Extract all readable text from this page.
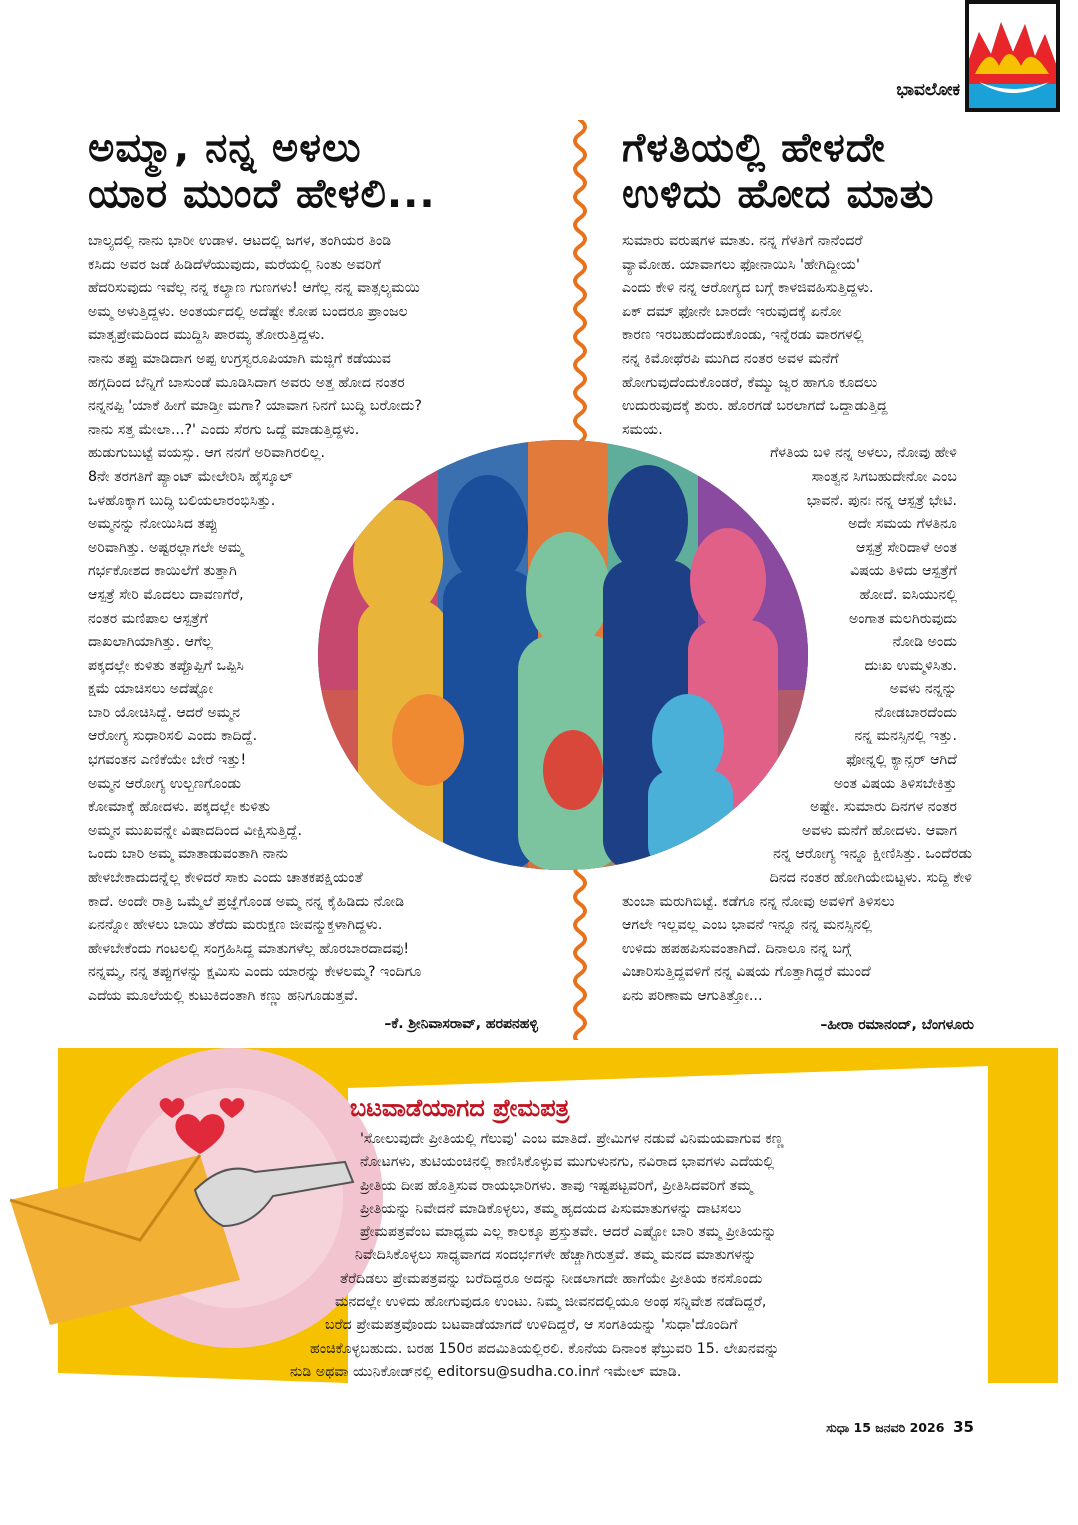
ಭಾವಲೋಕ
ಅಮ್ಮಾ, ನನ್ನ ಅಳಲು
ಯಾರ ಮುಂದೆ ಹೇಳಲಿ...

ಬಾಲ್ಯದಲ್ಲಿ ನಾನು ಭಾರೀ ಉಡಾಳ. ಆಟದಲ್ಲಿ ಜಗಳ, ತಂಗಿಯರ ತಿಂಡಿ

ಕಸಿದು ಅವರ ಜಡೆ ಹಿಡಿದೆಳೆಯುವುದು, ಮರೆಯಲ್ಲಿ ನಿಂತು ಅವರಿಗೆ

ಹೆದರಿಸುವುದು ಇವೆಲ್ಲ ನನ್ನ ಕಲ್ಯಾಣ ಗುಣಗಳು! ಆಗೆಲ್ಲ ನನ್ನ ವಾತ್ಸಲ್ಯಮಯಿ

ಅಮ್ಮ ಅಳುತ್ತಿದ್ದಳು. ಅಂತರ್ಯದಲ್ಲಿ ಅದೆಷ್ಟೇ ಕೋಪ ಬಂದರೂ ಪ್ರಾಂಜಲ

ಮಾತೃಪ್ರೇಮದಿಂದ ಮುದ್ದಿಸಿ ಪಾರಮ್ಯ ತೋರುತ್ತಿದ್ದಳು.

ನಾನು ತಪ್ಪು ಮಾಡಿದಾಗ ಅಪ್ಪ ಉಗ್ರಸ್ವರೂಪಿಯಾಗಿ ಮಜ್ಜಿಗೆ ಕಡೆಯುವ

ಹಗ್ಗದಿಂದ ಬೆನ್ನಿಗೆ ಬಾಸುಂಡೆ ಮೂಡಿಸಿದಾಗ ಅವರು ಅತ್ತ ಹೋದ ನಂತರ

ನನ್ನನಪ್ಪಿ 'ಯಾಕೆ ಹೀಗೆ ಮಾಡ್ತೀ ಮಗಾ? ಯಾವಾಗ ನಿನಗೆ ಬುದ್ಧಿ ಬರೋದು?

ನಾನು ಸತ್ತ ಮೇಲಾ...?' ಎಂದು ಸೆರಗು ಒದ್ದೆ ಮಾಡುತ್ತಿದ್ದಳು.

ಹುಡುಗುಬುಟ್ಟೆ ವಯಸ್ಸು. ಆಗ ನನಗೆ ಅರಿವಾಗಿರಲಿಲ್ಲ.

8ನೇ ತರಗತಿಗೆ ಪ್ಯಾಂಟ್ ಮೇಲೇರಿಸಿ ಹೈಸ್ಕೂಲ್

ಒಳಹೊಕ್ಕಾಗ ಬುದ್ಧಿ ಬಲಿಯಲಾರಂಭಿಸಿತ್ತು.

ಅಮ್ಮನನ್ನು ನೋಯಿಸಿದ ತಪ್ಪು

ಅರಿವಾಗಿತ್ತು. ಅಷ್ಟರಲ್ಲಾಗಲೇ ಅಮ್ಮ

ಗರ್ಭಕೋಶದ ಕಾಯಿಲೆಗೆ ತುತ್ತಾಗಿ

ಆಸ್ಪತ್ರೆ ಸೇರಿ ಮೊದಲು ದಾವಣಗೆರೆ,

ನಂತರ ಮಣಿಪಾಲ ಆಸ್ಪತ್ರೆಗೆ

ದಾಖಲಾಗಿಯಾಗಿತ್ತು. ಆಗೆಲ್ಲ

ಪಕ್ಕದಲ್ಲೇ ಕುಳಿತು ತಪ್ಪೊಪ್ಪಿಗೆ ಒಪ್ಪಿಸಿ

ಕ್ಷಮೆ ಯಾಚಿಸಲು ಅದೆಷ್ಟೋ

ಬಾರಿ ಯೋಚಿಸಿದ್ದೆ. ಆದರೆ ಅಮ್ಮನ

ಆರೋಗ್ಯ ಸುಧಾರಿಸಲಿ ಎಂದು ಕಾದಿದ್ದೆ.

ಭಗವಂತನ ಎಣಿಕೆಯೇ ಬೇರೆ ಇತ್ತು!

ಅಮ್ಮನ ಆರೋಗ್ಯ ಉಲ್ಬಣಗೊಂಡು

ಕೋಮಾಕ್ಕೆ ಹೋದಳು. ಪಕ್ಕದಲ್ಲೇ ಕುಳಿತು

ಅಮ್ಮನ ಮುಖವನ್ನೇ ವಿಷಾದದಿಂದ ವೀಕ್ಷಿಸುತ್ತಿದ್ದೆ.

ಒಂದು ಬಾರಿ ಅಮ್ಮ ಮಾತಾಡುವಂತಾಗಿ ನಾನು

ಹೇಳಬೇಕಾದುದನ್ನೆಲ್ಲ ಕೇಳಿದರೆ ಸಾಕು ಎಂದು ಚಾತಕಪಕ್ಷಿಯಂತೆ

ಕಾದೆ. ಅಂದೇ ರಾತ್ರಿ ಒಮ್ಮೆಲೆ ಪ್ರಜ್ಞೆಗೊಂಡ ಅಮ್ಮ ನನ್ನ ಕೈಹಿಡಿದು ನೋಡಿ

ಏನನ್ನೋ ಹೇಳಲು ಬಾಯಿ ತೆರೆದು ಮರುಕ್ಷಣ ಜೀವನ್ಮುಕ್ತಳಾಗಿದ್ದಳು.

ಹೇಳಬೇಕೆಂದು ಗಂಟಲಲ್ಲಿ ಸಂಗ್ರಹಿಸಿದ್ದ ಮಾತುಗಳೆಲ್ಲ ಹೊರಬಾರದಾದವು!

ನನ್ನಮ್ಮ, ನನ್ನ ತಪ್ಪುಗಳನ್ನು ಕ್ಷಮಿಸು ಎಂದು ಯಾರನ್ನು ಕೇಳಲಮ್ಮ? ಇಂದಿಗೂ

ಎದೆಯ ಮೂಲೆಯಲ್ಲಿ ಕುಟುಕಿದಂತಾಗಿ ಕಣ್ಣು ಹನಿಗೂಡುತ್ತವೆ.

–ಕೆ. ಶ್ರೀನಿವಾಸರಾವ್, ಹರಪನಹಳ್ಳಿ
ಗೆಳತಿಯಲ್ಲಿ ಹೇಳದೇ
ಉಳಿದು ಹೋದ ಮಾತು

ಸುಮಾರು ವರುಷಗಳ ಮಾತು. ನನ್ನ ಗೆಳತಿಗೆ ನಾನೆಂದರೆ

ವ್ಯಾಮೋಹ. ಯಾವಾಗಲು ಫೋನಾಯಿಸಿ 'ಹೇಗಿದ್ದೀಯ'

ಎಂದು ಕೇಳಿ ನನ್ನ ಆರೋಗ್ಯದ ಬಗ್ಗೆ ಕಾಳಜಿವಹಿಸುತ್ತಿದ್ದಳು.

ಏಕ್ ದಮ್ ಫೋನೇ ಬಾರದೇ ಇರುವುದಕ್ಕೆ ಏನೋ

ಕಾರಣ ಇರಬಹುದೆಂದುಕೊಂಡು, ಇನ್ನೆರಡು ವಾರಗಳಲ್ಲಿ

ನನ್ನ ಕಿಮೋಥೆರಪಿ ಮುಗಿದ ನಂತರ ಅವಳ ಮನೆಗೆ

ಹೋಗುವುದೆಂದುಕೊಂಡರೆ, ಕೆಮ್ಮು ಜ್ವರ ಹಾಗೂ ಕೂದಲು

ಉದುರುವುದಕ್ಕೆ ಶುರು. ಹೊರಗಡೆ ಬರಲಾಗದೆ ಒದ್ದಾಡುತ್ತಿದ್ದ

ಸಮಯ.

ಗೆಳತಿಯ ಬಳಿ ನನ್ನ ಅಳಲು, ನೋವು ಹೇಳಿ

ಸಾಂತ್ವನ ಸಿಗಬಹುದೇನೋ ಎಂಬ

ಭಾವನೆ. ಪುನಃ ನನ್ನ ಆಸ್ಪತ್ರೆ ಭೇಟಿ.

ಅದೇ ಸಮಯ ಗೆಳತಿನೂ

ಆಸ್ಪತ್ರೆ ಸೇರಿದಾಳೆ ಅಂತ

ವಿಷಯ ತಿಳಿದು ಆಸ್ಪತ್ರೆಗೆ

ಹೋದೆ. ಐಸಿಯುನಲ್ಲಿ

ಅಂಗಾತ ಮಲಗಿರುವುದು

ನೋಡಿ ಅಂದು

ದುಃಖ ಉಮ್ಮಳಿಸಿತು.

ಅವಳು ನನ್ನನ್ನು

ನೋಡಬಾರದೆಂದು

ನನ್ನ ಮನಸ್ಸಿನಲ್ಲಿ ಇತ್ತು.

ಫೋನ್ನಲ್ಲಿ ಕ್ಯಾನ್ಸರ್ ಆಗಿದೆ

ಅಂತ ವಿಷಯ ತಿಳಿಸಬೇಕಿತ್ತು

ಅಷ್ಟೇ. ಸುಮಾರು ದಿನಗಳ ನಂತರ

ಅವಳು ಮನೆಗೆ ಹೋದಳು. ಆವಾಗ

ನನ್ನ ಆರೋಗ್ಯ ಇನ್ನೂ ಕ್ಷೀಣಿಸಿತ್ತು. ಒಂದೆರಡು

ದಿನದ ನಂತರ ಹೋಗಿಯೇಬಿಟ್ಟಳು. ಸುದ್ದಿ ಕೇಳಿ

ತುಂಬಾ ಮರುಗಿಬಿಟ್ಟೆ. ಕಡೆಗೂ ನನ್ನ ನೋವು ಅವಳಿಗೆ ತಿಳಿಸಲು

ಆಗಲೇ ಇಲ್ಲವಲ್ಲ ಎಂಬ ಭಾವನೆ ಇನ್ನೂ ನನ್ನ ಮನಸ್ಸಿನಲ್ಲಿ

ಉಳಿದು ಹಪಹಪಿಸುವಂತಾಗಿದೆ. ದಿನಾಲೂ ನನ್ನ ಬಗ್ಗೆ

ವಿಚಾರಿಸುತ್ತಿದ್ದವಳಿಗೆ ನನ್ನ ವಿಷಯ ಗೊತ್ತಾಗಿದ್ದರೆ ಮುಂದೆ

ಏನು ಪರಿಣಾಮ ಆಗುತಿತ್ತೋ...

–ಹೀರಾ ರಮಾನಂದ್, ಬೆಂಗಳೂರು
ಬಟವಾಡೆಯಾಗದ ಪ್ರೇಮಪತ್ರ
'ಸೋಲುವುದೇ ಪ್ರೀತಿಯಲ್ಲಿ ಗೆಲುವು' ಎಂಬ ಮಾತಿದೆ. ಪ್ರೇಮಿಗಳ ನಡುವೆ ವಿನಿಮಯವಾಗುವ ಕಣ್ಣ
ನೋಟಗಳು, ತುಟಿಯಂಚಿನಲ್ಲಿ ಕಾಣಿಸಿಕೊಳ್ಳುವ ಮುಗುಳುನಗು, ನವಿರಾದ ಭಾವಗಳು ಎದೆಯಲ್ಲಿ
ಪ್ರೀತಿಯ ದೀಪ ಹೊತ್ತಿಸುವ ರಾಯಭಾರಿಗಳು. ತಾವು ಇಷ್ಟಪಟ್ಟವರಿಗೆ, ಪ್ರೀತಿಸಿದವರಿಗೆ ತಮ್ಮ
ಪ್ರೀತಿಯನ್ನು ನಿವೇದನೆ ಮಾಡಿಕೊಳ್ಳಲು, ತಮ್ಮ ಹೃದಯದ ಪಿಸುಮಾತುಗಳನ್ನು ದಾಟಿಸಲು
ಪ್ರೇಮಪತ್ರವೆಂಬ ಮಾಧ್ಯಮ ಎಲ್ಲ ಕಾಲಕ್ಕೂ ಪ್ರಸ್ತುತವೇ. ಆದರೆ ಎಷ್ಟೋ ಬಾರಿ ತಮ್ಮ ಪ್ರೀತಿಯನ್ನು
ನಿವೇದಿಸಿಕೊಳ್ಳಲು ಸಾಧ್ಯವಾಗದ ಸಂದರ್ಭಗಳೇ ಹೆಚ್ಚಾಗಿರುತ್ತವೆ. ತಮ್ಮ ಮನದ ಮಾತುಗಳನ್ನು
ತೆರೆದಿಡಲು ಪ್ರೇಮಪತ್ರವನ್ನು ಬರೆದಿದ್ದರೂ ಅದನ್ನು ನೀಡಲಾಗದೇ ಹಾಗೆಯೇ ಪ್ರೀತಿಯ ಕನಸೊಂದು
ಮನದಲ್ಲೇ ಉಳಿದು ಹೋಗುವುದೂ ಉಂಟು. ನಿಮ್ಮ ಜೀವನದಲ್ಲಿಯೂ ಅಂಥ ಸನ್ನಿವೇಶ ನಡೆದಿದ್ದರೆ,
ಬರೆದ ಪ್ರೇಮಪತ್ರವೊಂದು ಬಟವಾಡೆಯಾಗದೆ ಉಳಿದಿದ್ದರೆ, ಆ ಸಂಗತಿಯನ್ನು 'ಸುಧಾ'ದೊಂದಿಗೆ
ಹಂಚಿಕೊಳ್ಳಬಹುದು. ಬರಹ 150ರ ಪದಮಿತಿಯಲ್ಲಿರಲಿ. ಕೊನೆಯ ದಿನಾಂಕ ಫೆಬ್ರುವರಿ 15. ಲೇಖನವನ್ನು
ನುಡಿ ಅಥವಾ ಯುನಿಕೋಡ್‌ನಲ್ಲಿ editorsu@sudha.co.inಗೆ ಇಮೇಲ್ ಮಾಡಿ.
ಸುಧಾ 15 ಜನವರಿ 2026 35
